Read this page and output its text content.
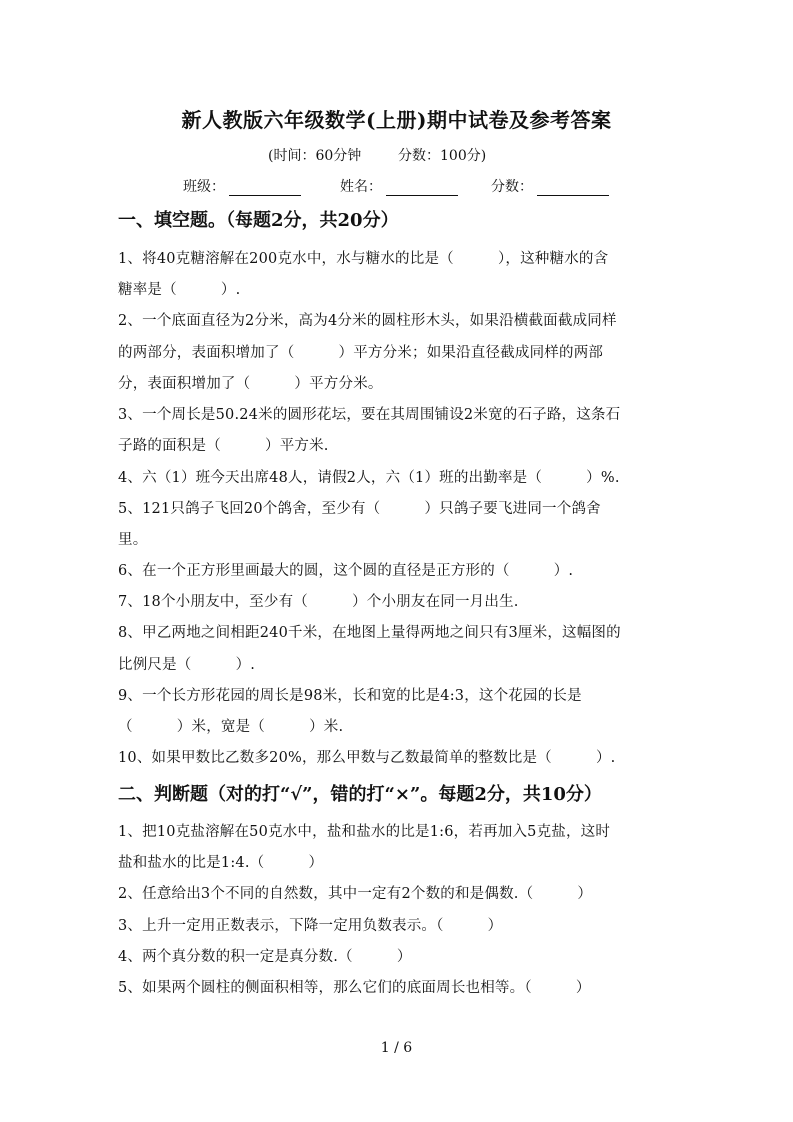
新人教版六年级数学(上册)期中试卷及参考答案
(时间：60分钟	分数：100分)
班级：	姓名：	分数：
一、填空题。（每题2分，共20分）
1、将40克糖溶解在200克水中，水与糖水的比是（　　　），这种糖水的含
糖率是（　　　）.
2、一个底面直径为2分米，高为4分米的圆柱形木头，如果沿横截面截成同样
的两部分，表面积增加了（　　　）平方分米；如果沿直径截成同样的两部
分，表面积增加了（　　　）平方分米。
3、一个周长是50.24米的圆形花坛，要在其周围铺设2米宽的石子路，这条石
子路的面积是（　　　）平方米.
4、六（1）班今天出席48人，请假2人，六（1）班的出勤率是（　　　）%.
5、121只鸽子飞回20个鸽舍，至少有（　　　）只鸽子要飞进同一个鸽舍
里。
6、在一个正方形里画最大的圆，这个圆的直径是正方形的（　　　）.
7、18个小朋友中，至少有（　　　）个小朋友在同一月出生.
8、甲乙两地之间相距240千米，在地图上量得两地之间只有3厘米，这幅图的
比例尺是（　　　）.
9、一个长方形花园的周长是98米，长和宽的比是4:3，这个花园的长是
（　　　）米，宽是（　　　）米.
10、如果甲数比乙数多20%，那么甲数与乙数最简单的整数比是（　　　）.
二、判断题（对的打“√”，错的打“×”。每题2分，共10分）
1、把10克盐溶解在50克水中，盐和盐水的比是1:6，若再加入5克盐，这时
盐和盐水的比是1:4.（　　　）
2、任意给出3个不同的自然数，其中一定有2个数的和是偶数.（　　　）
3、上升一定用正数表示，下降一定用负数表示。（　　　）
4、两个真分数的积一定是真分数.（　　　）
5、如果两个圆柱的侧面积相等，那么它们的底面周长也相等。（　　　）
1 / 6
